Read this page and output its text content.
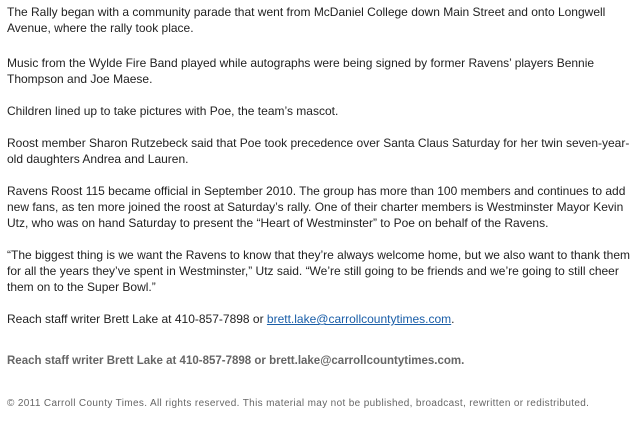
The Rally began with a community parade that went from McDaniel College down Main Street and onto Longwell Avenue, where the rally took place.

Music from the Wylde Fire Band played while autographs were being signed by former Ravens’ players Bennie Thompson and Joe Maese.

Children lined up to take pictures with Poe, the team’s mascot.

Roost member Sharon Rutzebeck said that Poe took precedence over Santa Claus Saturday for her twin seven-year-old daughters Andrea and Lauren.

Ravens Roost 115 became official in September 2010. The group has more than 100 members and continues to add new fans, as ten more joined the roost at Saturday’s rally. One of their charter members is Westminster Mayor Kevin Utz, who was on hand Saturday to present the “Heart of Westminster” to Poe on behalf of the Ravens.

“The biggest thing is we want the Ravens to know that they’re always welcome home, but we also want to thank them for all the years they’ve spent in Westminster,” Utz said. “We’re still going to be friends and we’re going to still cheer them on to the Super Bowl.”

Reach staff writer Brett Lake at 410-857-7898 or brett.lake@carrollcountytimes.com.

Reach staff writer Brett Lake at 410-857-7898 or brett.lake@carrollcountytimes.com.
© 2011 Carroll County Times. All rights reserved. This material may not be published, broadcast, rewritten or redistributed.
